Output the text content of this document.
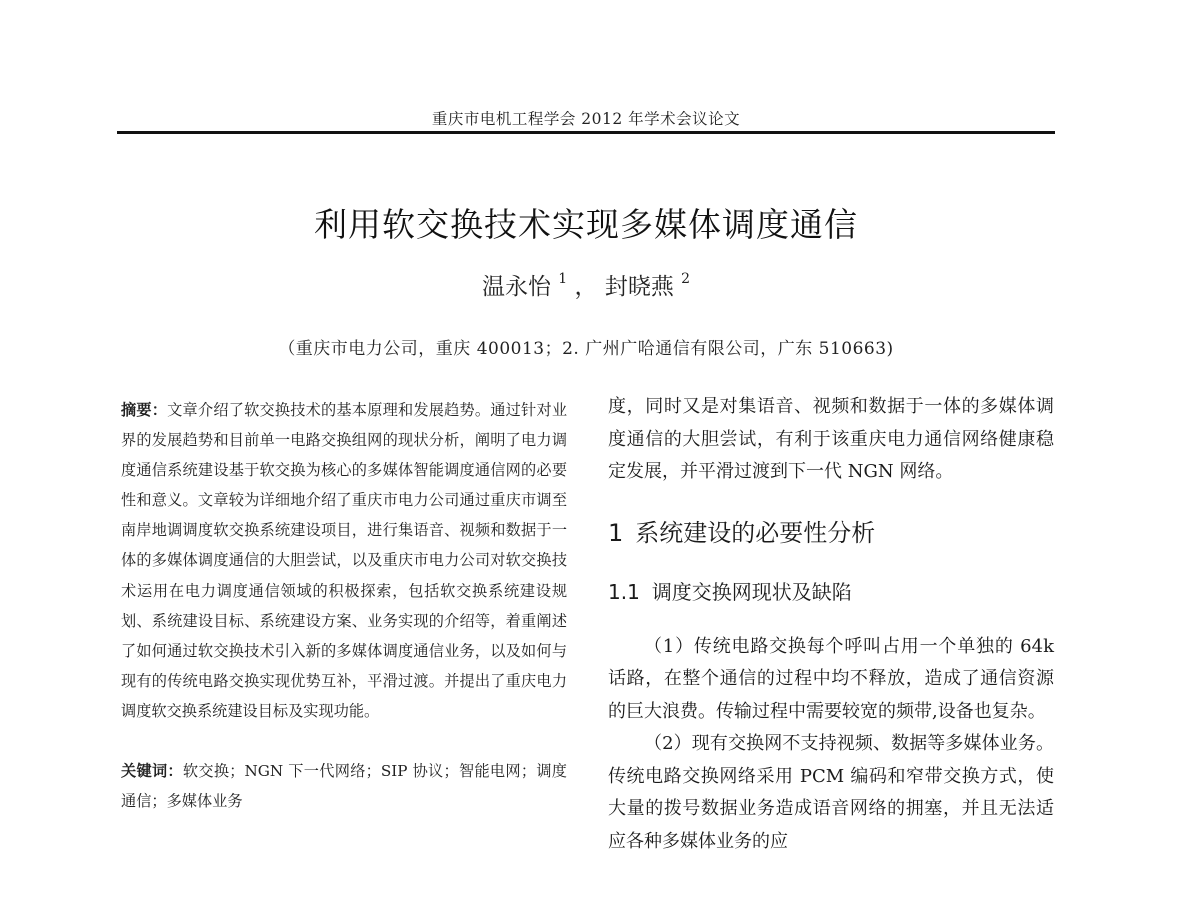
重庆市电机工程学会 2012 年学术会议论文
利用软交换技术实现多媒体调度通信
温永怡 $^1$ ， 封晓燕 $^2$
（重庆市电力公司，重庆 400013；2. 广州广哈通信有限公司，广东 510663)
摘要：文章介绍了软交换技术的基本原理和发展趋势。通过针对业界的发展趋势和目前单一电路交换组网的现状分析，阐明了电力调度通信系统建设基于软交换为核心的多媒体智能调度通信网的必要性和意义。文章较为详细地介绍了重庆市电力公司通过重庆市调至南岸地调调度软交换系统建设项目，进行集语音、视频和数据于一体的多媒体调度通信的大胆尝试，以及重庆市电力公司对软交换技术运用在电力调度通信领域的积极探索，包括软交换系统建设规划、系统建设目标、系统建设方案、业务实现的介绍等，着重阐述了如何通过软交换技术引入新的多媒体调度通信业务，以及如何与现有的传统电路交换实现优势互补，平滑过渡。并提出了重庆电力调度软交换系统建设目标及实现功能。
关键词：软交换；NGN 下一代网络；SIP 协议；智能电网；调度通信；多媒体业务
度，同时又是对集语音、视频和数据于一体的多媒体调度通信的大胆尝试，有利于该重庆电力通信网络健康稳定发展，并平滑过渡到下一代 NGN 网络。
1 系统建设的必要性分析
1.1 调度交换网现状及缺陷
（1）传统电路交换每个呼叫占用一个单独的 64k 话路，在整个通信的过程中均不释放，造成了通信资源的巨大浪费。传输过程中需要较宽的频带,设备也复杂。
（2）现有交换网不支持视频、数据等多媒体业务。传统电路交换网络采用 PCM 编码和窄带交换方式，使大量的拨号数据业务造成语音网络的拥塞，并且无法适应各种多媒体业务的应
